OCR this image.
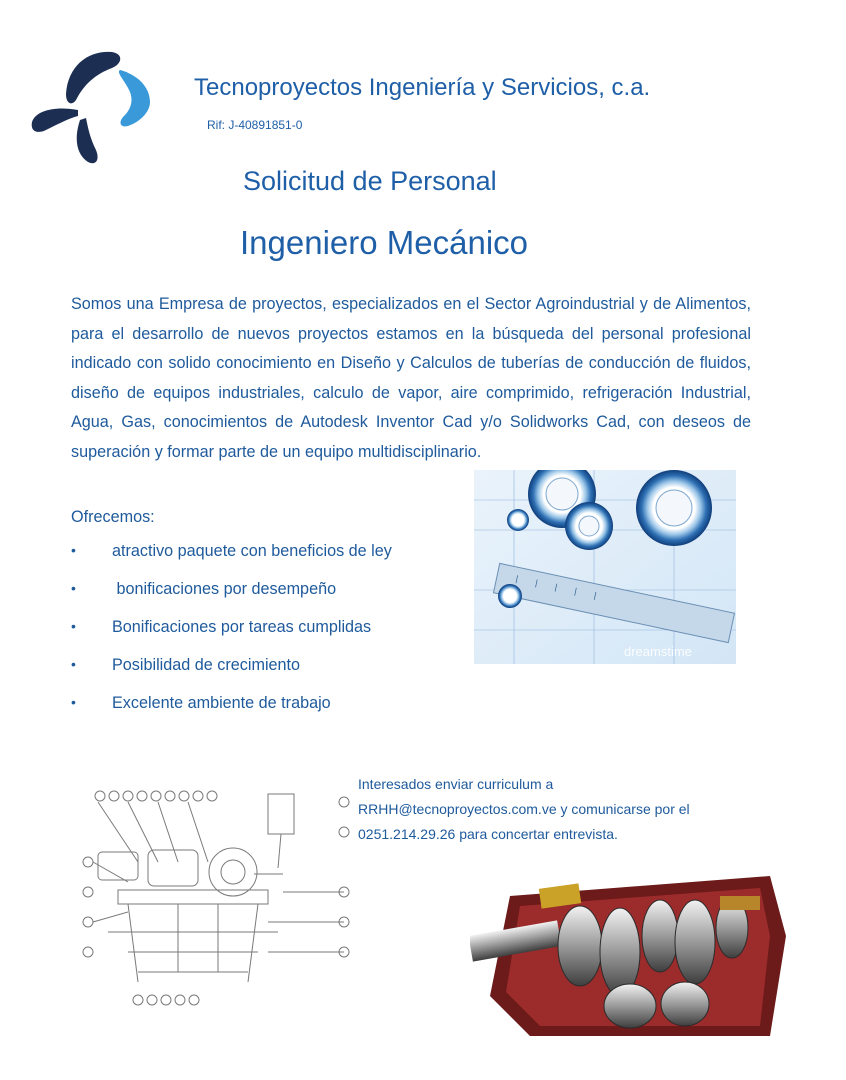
Tecnoproyectos Ingeniería y Servicios, c.a.
Rif: J-40891851-0
Solicitud de Personal
Ingeniero Mecánico
Somos una Empresa de proyectos, especializados en el Sector Agroindustrial y de Alimentos, para el desarrollo de nuevos proyectos estamos en la búsqueda del personal profesional indicado con solido conocimiento en Diseño y Calculos de tuberías de conducción de fluidos, diseño de equipos industriales, calculo de vapor, aire comprimido, refrigeración Industrial, Agua, Gas, conocimientos de Autodesk Inventor Cad y/o Solidworks Cad, con deseos de superación y formar parte de un equipo multidisciplinario.
Ofrecemos:
• atractivo paquete con beneficios de ley
• bonificaciones por desempeño
• Bonificaciones por tareas cumplidas
• Posibilidad de crecimiento
• Excelente ambiente de trabajo
dreamstime
Interesados enviar curriculum a
RRHH@tecnoproyectos.com.ve y comunicarse por el
0251.214.29.26 para concertar entrevista.
